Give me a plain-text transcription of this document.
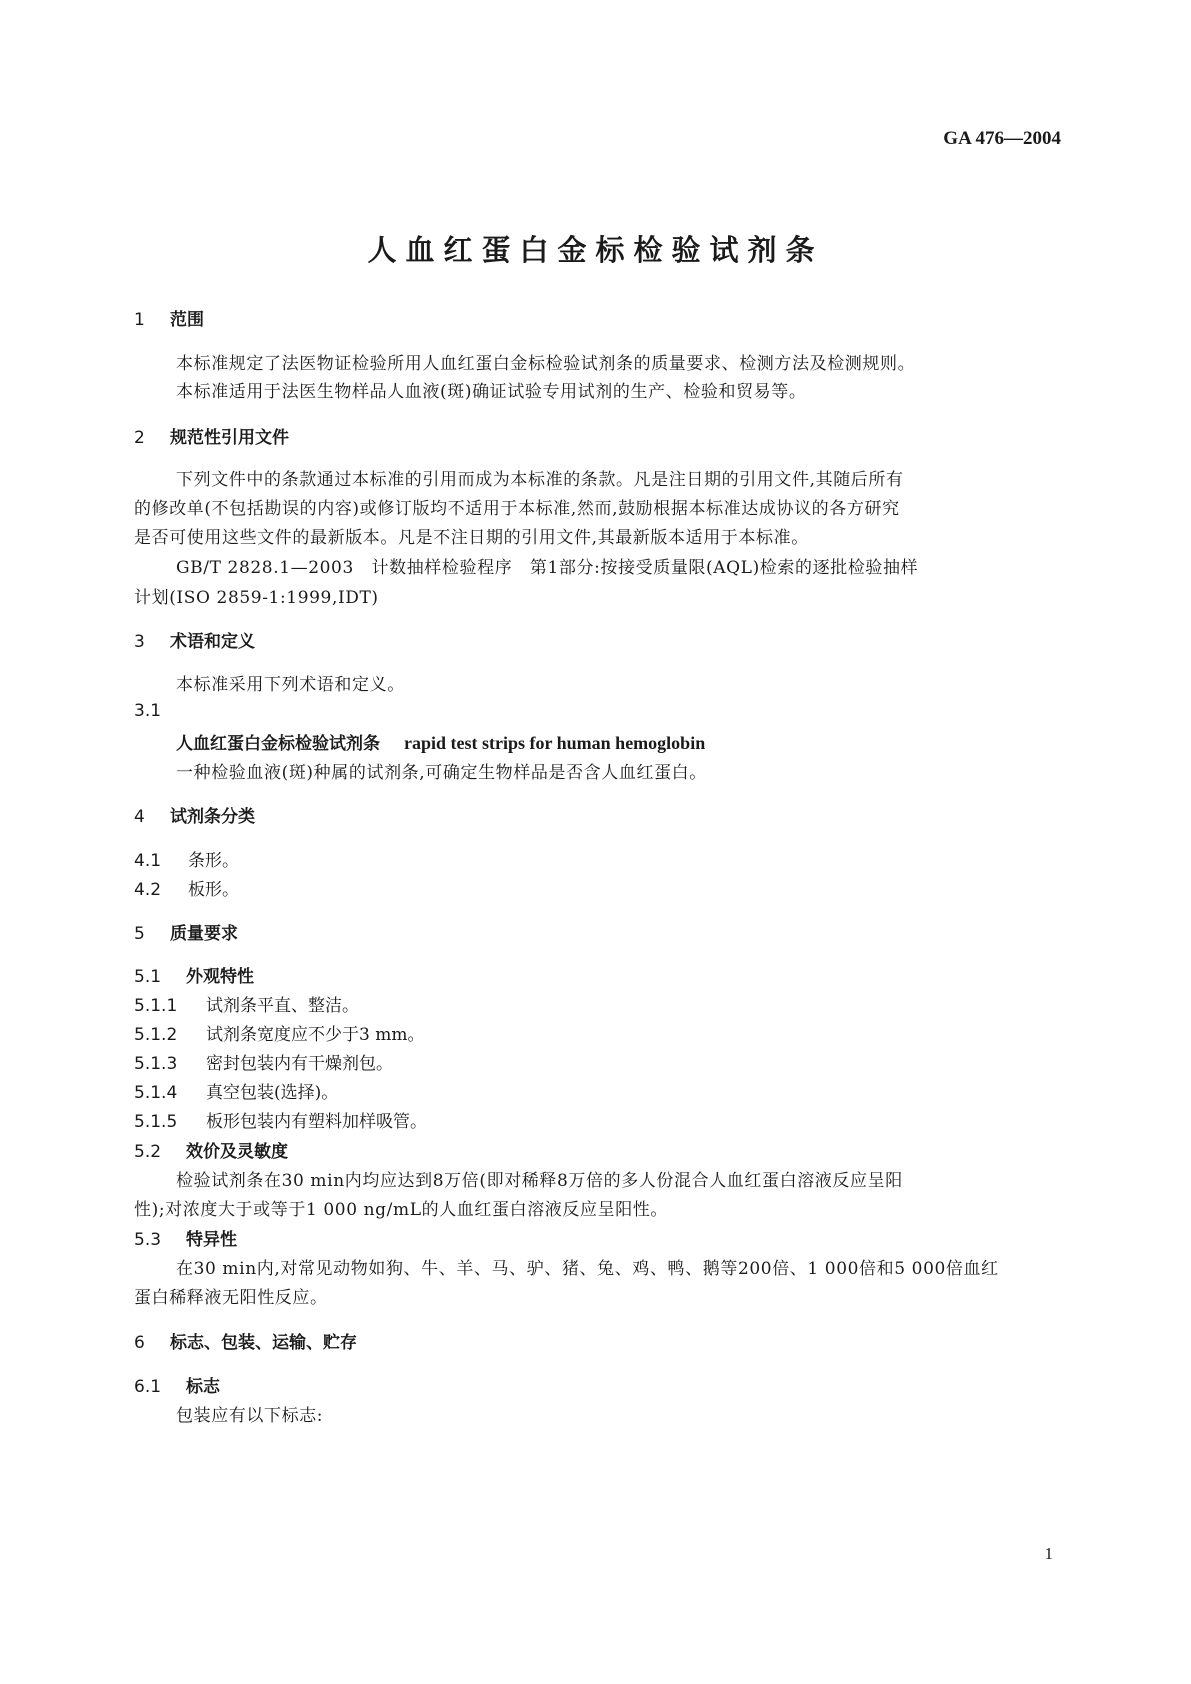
GA 476—2004
人血红蛋白金标检验试剂条
1 范围
本标准规定了法医物证检验所用人血红蛋白金标检验试剂条的质量要求、检测方法及检测规则。
本标准适用于法医生物样品人血液(斑)确证试验专用试剂的生产、检验和贸易等。
2 规范性引用文件
下列文件中的条款通过本标准的引用而成为本标准的条款。凡是注日期的引用文件,其随后所有
的修改单(不包括勘误的内容)或修订版均不适用于本标准,然而,鼓励根据本标准达成协议的各方研究
是否可使用这些文件的最新版本。凡是不注日期的引用文件,其最新版本适用于本标准。
GB/T 2828.1—2003　计数抽样检验程序　第1部分:按接受质量限(AQL)检索的逐批检验抽样
计划(ISO 2859-1:1999,IDT)
3 术语和定义
本标准采用下列术语和定义。
3.1
人血红蛋白金标检验试剂条 rapid test strips for human hemoglobin
一种检验血液(斑)种属的试剂条,可确定生物样品是否含人血红蛋白。
4 试剂条分类
4.1 条形。
4.2 板形。
5 质量要求
5.1 外观特性
5.1.1 试剂条平直、整洁。
5.1.2 试剂条宽度应不少于3 mm。
5.1.3 密封包装内有干燥剂包。
5.1.4 真空包装(选择)。
5.1.5 板形包装内有塑料加样吸管。
5.2 效价及灵敏度
检验试剂条在30 min内均应达到8万倍(即对稀释8万倍的多人份混合人血红蛋白溶液反应呈阳
性);对浓度大于或等于1 000 ng/mL的人血红蛋白溶液反应呈阳性。
5.3 特异性
在30 min内,对常见动物如狗、牛、羊、马、驴、猪、兔、鸡、鸭、鹅等200倍、1 000倍和5 000倍血红
蛋白稀释液无阳性反应。
6 标志、包装、运输、贮存
6.1 标志
包装应有以下标志:
1
